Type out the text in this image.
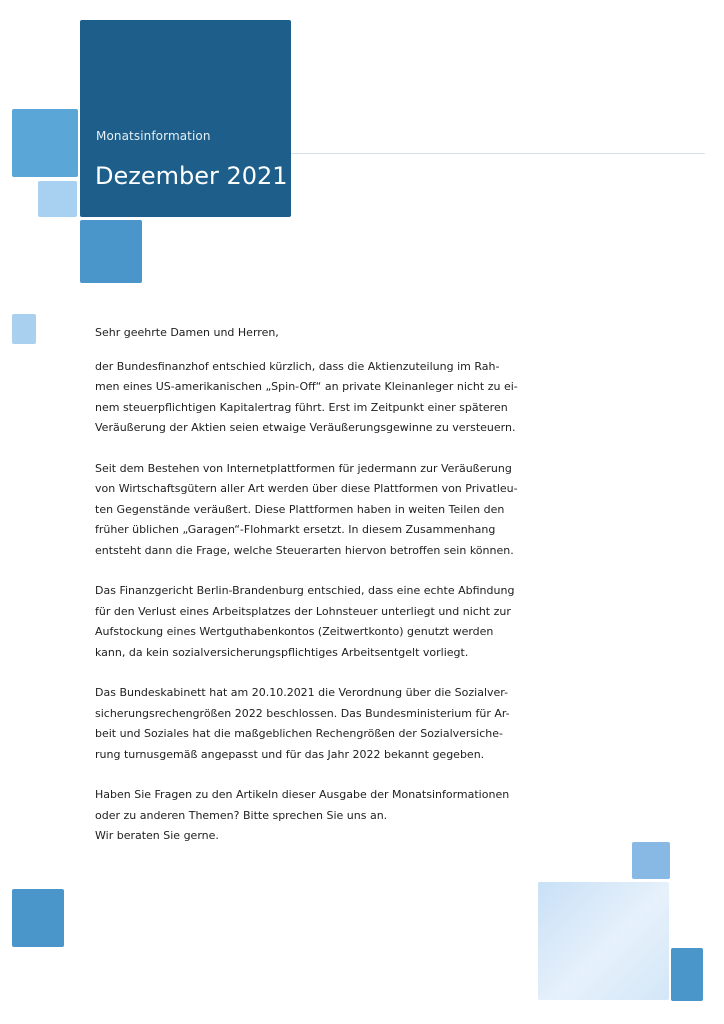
Monatsinformation
Dezember 2021
Sehr geehrte Damen und Herren,
der Bundesfinanzhof entschied kürzlich, dass die Aktienzuteilung im Rah-
men eines US-amerikanischen „Spin-Off“ an private Kleinanleger nicht zu ei-
nem steuerpflichtigen Kapitalertrag führt. Erst im Zeitpunkt einer späteren
Veräußerung der Aktien seien etwaige Veräußerungsgewinne zu versteuern.
Seit dem Bestehen von Internetplattformen für jedermann zur Veräußerung
von Wirtschaftsgütern aller Art werden über diese Plattformen von Privatleu-
ten Gegenstände veräußert. Diese Plattformen haben in weiten Teilen den
früher üblichen „Garagen“-Flohmarkt ersetzt. In diesem Zusammenhang
entsteht dann die Frage, welche Steuerarten hiervon betroffen sein können.
Das Finanzgericht Berlin-Brandenburg entschied, dass eine echte Abfindung
für den Verlust eines Arbeitsplatzes der Lohnsteuer unterliegt und nicht zur
Aufstockung eines Wertguthabenkontos (Zeitwertkonto) genutzt werden
kann, da kein sozialversicherungspflichtiges Arbeitsentgelt vorliegt.
Das Bundeskabinett hat am 20.10.2021 die Verordnung über die Sozialver-
sicherungsrechengrößen 2022 beschlossen. Das Bundesministerium für Ar-
beit und Soziales hat die maßgeblichen Rechengrößen der Sozialversiche-
rung turnusgemäß angepasst und für das Jahr 2022 bekannt gegeben.
Haben Sie Fragen zu den Artikeln dieser Ausgabe der Monatsinformationen
oder zu anderen Themen? Bitte sprechen Sie uns an.
Wir beraten Sie gerne.
